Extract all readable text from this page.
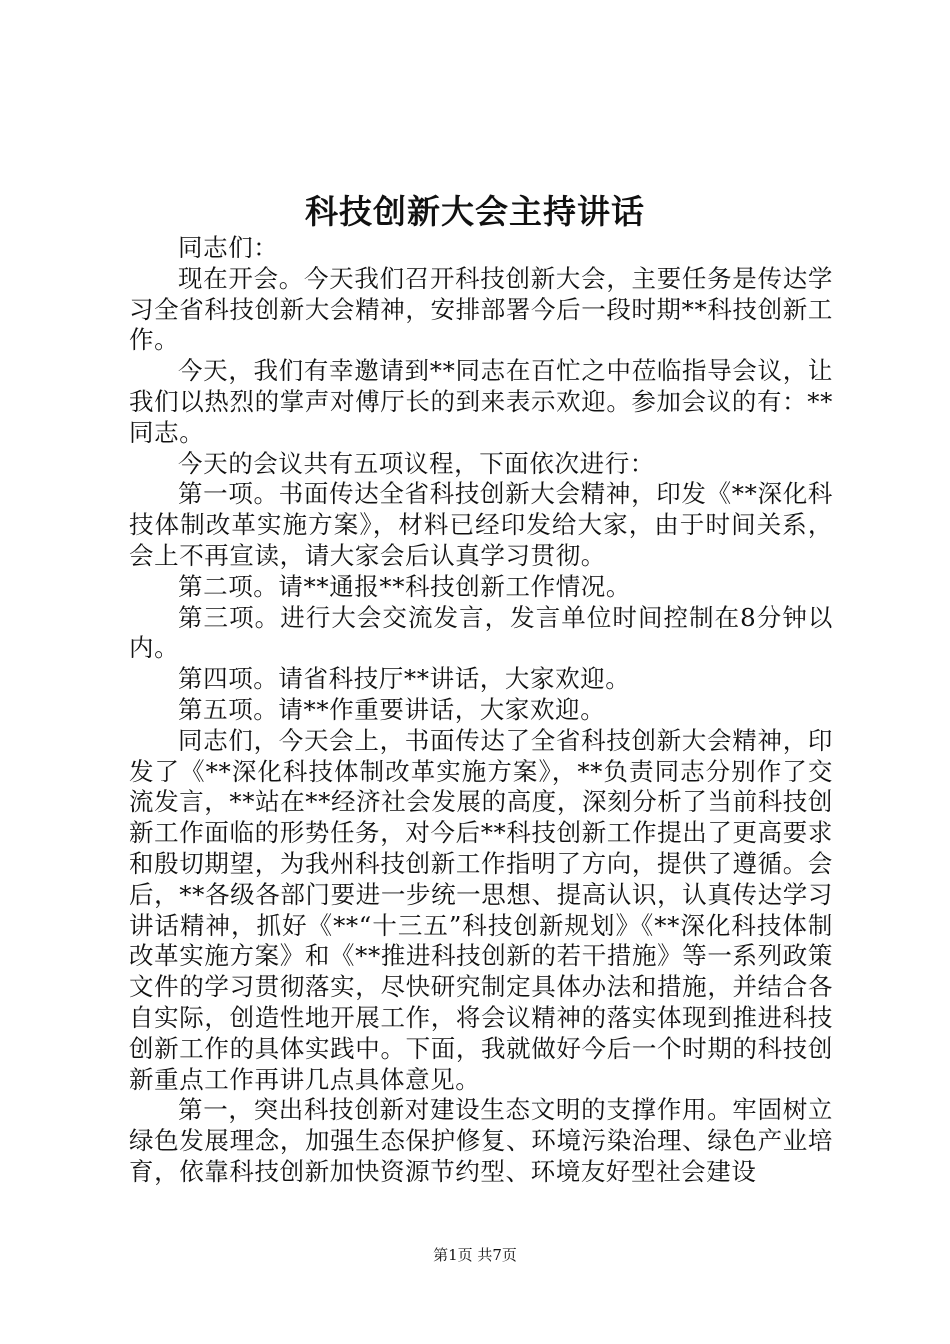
科技创新大会主持讲话

同志们：

现在开会。今天我们召开科技创新大会，主要任务是传达学习全省科技创新大会精神，安排部署今后一段时期**科技创新工作。

今天，我们有幸邀请到**同志在百忙之中莅临指导会议，让我们以热烈的掌声对傅厅长的到来表示欢迎。参加会议的有：**同志。

今天的会议共有五项议程，下面依次进行：

第一项。书面传达全省科技创新大会精神，印发《**深化科技体制改革实施方案》，材料已经印发给大家，由于时间关系，会上不再宣读，请大家会后认真学习贯彻。

第二项。请**通报**科技创新工作情况。

第三项。进行大会交流发言，发言单位时间控制在8分钟以内。

第四项。请省科技厅**讲话，大家欢迎。

第五项。请**作重要讲话，大家欢迎。

同志们，今天会上，书面传达了全省科技创新大会精神，印发了《**深化科技体制改革实施方案》，**负责同志分别作了交流发言，**站在**经济社会发展的高度，深刻分析了当前科技创新工作面临的形势任务，对今后**科技创新工作提出了更高要求和殷切期望，为我州科技创新工作指明了方向，提供了遵循。会后，**各级各部门要进一步统一思想、提高认识，认真传达学习讲话精神，抓好《**“十三五”科技创新规划》《**深化科技体制改革实施方案》和《**推进科技创新的若干措施》等一系列政策文件的学习贯彻落实，尽快研究制定具体办法和措施，并结合各自实际，创造性地开展工作，将会议精神的落实体现到推进科技创新工作的具体实践中。下面，我就做好今后一个时期的科技创新重点工作再讲几点具体意见。

第一，突出科技创新对建设生态文明的支撑作用。牢固树立绿色发展理念，加强生态保护修复、环境污染治理、绿色产业培育，依靠科技创新加快资源节约型、环境友好型社会建设

第1页 共7页
